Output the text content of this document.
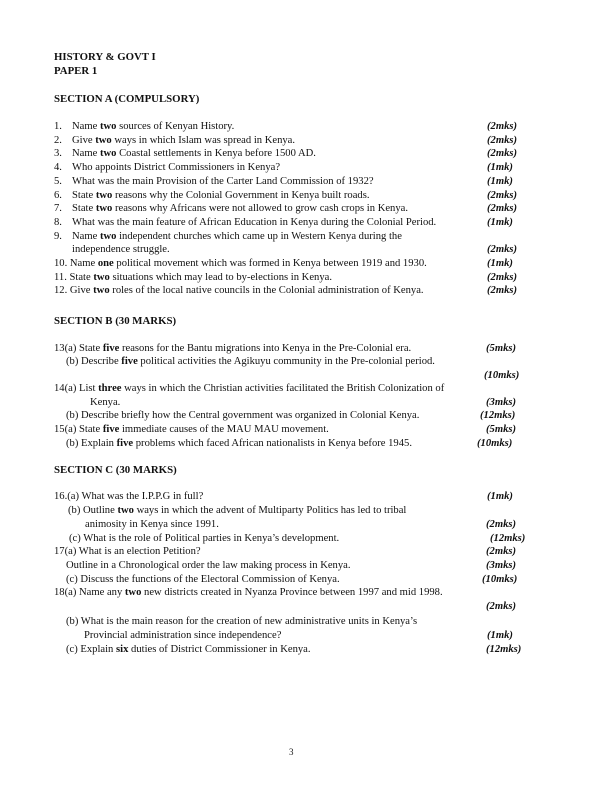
HISTORY & GOVT I
PAPER 1
SECTION A (COMPULSORY)
1. Name two sources of Kenyan History.	(2mks)
2. Give two ways in which Islam was spread in Kenya.	(2mks)
3. Name two Coastal settlements in Kenya before 1500 AD.	(2mks)
4. Who appoints District Commissioners in Kenya?	(1mk)
5. What was the main Provision of the Carter Land Commission of 1932?	(1mk)
6. State two reasons why the Colonial Government in Kenya built roads.	(2mks)
7. State two reasons why Africans were not allowed to grow cash crops in Kenya.	(2mks)
8. What was the main feature of African Education in Kenya during the Colonial Period.	(1mk)
9. Name two independent churches which came up in Western Kenya during the
independence struggle.	(2mks)
10. Name one political movement which was formed in Kenya between 1919 and 1930.	(1mk)
11. State two situations which may lead to by-elections in Kenya.	(2mks)
12. Give two roles of the local native councils in the Colonial administration of Kenya.	(2mks)
SECTION B (30 MARKS)
13(a) State five reasons for the Bantu migrations into Kenya in the Pre-Colonial era.	(5mks)
(b) Describe five political activities the Agikuyu community in the Pre-colonial period.
(10mks)
14(a) List three ways in which the Christian activities facilitated the British Colonization of
Kenya.	(3mks)
(b) Describe briefly how the Central government was organized in Colonial Kenya.	(12mks)
15(a) State five immediate causes of the MAU MAU movement.	(5mks)
(b) Explain five problems which faced African nationalists in Kenya before 1945.	(10mks)
SECTION C (30 MARKS)
16.(a) What was the I.P.P.G in full?	(1mk)
(b) Outline two ways in which the advent of Multiparty Politics has led to tribal
animosity in Kenya since 1991.	(2mks)
(c) What is the role of Political parties in Kenya’s development.	(12mks)
17(a) What is an election Petition?	(2mks)
Outline in a Chronological order the law making process in Kenya.	(3mks)
(c) Discuss the functions of the Electoral Commission of Kenya.	(10mks)
18(a) Name any two new districts created in Nyanza Province between 1997 and mid 1998.
(2mks)
(b) What is the main reason for the creation of new administrative units in Kenya’s
Provincial administration since independence?	(1mk)
(c) Explain six duties of District Commissioner in Kenya.	(12mks)
3
